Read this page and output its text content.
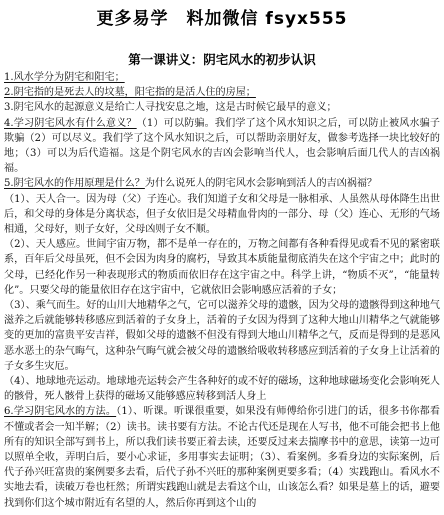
更多易学　料加微信 fsyx555
第一课讲义：阴宅风水的初步认识

1.风水学分为阴宅和阳宅；

2.阴宅指的是死去人的坟墓，阳宅指的是活人住的房屋；

3.阴宅风水的起源意义是给亡人寻找安息之地，这是古时候它最早的意义；

4.学习阴宅风水有什么意义？（1）可以防骗。我们学了这个风水知识之后，可以防止被风水骗子欺骗（2）可以尽义。我们学了这个风水知识之后，可以帮助亲朋好友，做参考选择一块比较好的地；（3）可以为后代造福。这是个阴宅风水的吉凶会影响当代人，也会影响后面几代人的吉凶祸福。

5.阴宅风水的作用原理是什么？为什么说死人的阴宅风水会影响到活人的吉凶祸福？

（1）、天人合一。因为母（父）子连心。我们知道子女和父母是一脉相承、人虽然从母体降生出世后，和父母的身体是分离状态，但子女依旧是父母精血骨肉的一部分、母（父）连心、无形的气场相通，父母好，则子女好，父母凶则子女不顺。

（2）、天人感应。世间宇宙万物，都不是单一存在的，万物之间都有各种看得见或看不见的紧密联系，百年后父母虽死，但不会因为肉身的腐朽，导致其本质能量彻底消失在这个宇宙之中；此时的父母，已经化作另一种表现形式的物质而依旧存在这宇宙之中。科学上讲，“物质不灭”，“能量转化”。只要父母的能量依旧存在这宇宙中，它就依旧会影响感应活着的子女；

（3）、乘气而生。好的山川大地精华之气，它可以滋养父母的遗骸，因为父母的遗骸得到这种地气滋养之后就能够转移感应到活着的子女身上，活着的子女因为得到了这种大地山川精华之气就能够变的更加的富贵平安吉祥，假如父母的遗骸不但没有得到大地山川精华之气，反而是得到的是恶风恶水恶土的杂气晦气，这种杂气晦气就会被父母的遗骸给吸收转移感应到活着的子女身上让活着的子女多生灾厄。

（4）、地球地壳运动。地球地壳运转会产生各种好的或不好的磁场，这种地球磁场变化会影响死人的骸骨，死人骸骨上获得的磁场又能够感应转移到活人身上

6.学习阴宅风水的方法。（1）、听课。听课很重要，如果没有师傅给你引进门的话，很多书你都看不懂或者会一知半解；（2）读书。读书要有方法。不论古代还是现在人写书，他不可能会把书上他所有的知识全部写到书上，所以我们读书要正着去读，还要反过来去揣摩书中的意思，读第一边可以照单全收，弄明白后，要小心求证，多用事实去证明；（3）、看案例。多看身边的实际案例，后代子孙兴旺富贵的案例要多去看，后代子孙不兴旺的那种案例更要多看；（4）实践跑山。看风水不实地去看，读破万卷也枉然；所谓实践跑山就是去看这个山，山该怎么看？如果是墓上的话，避要找到你们这个城市附近有名望的人，然后你再到这个山的
